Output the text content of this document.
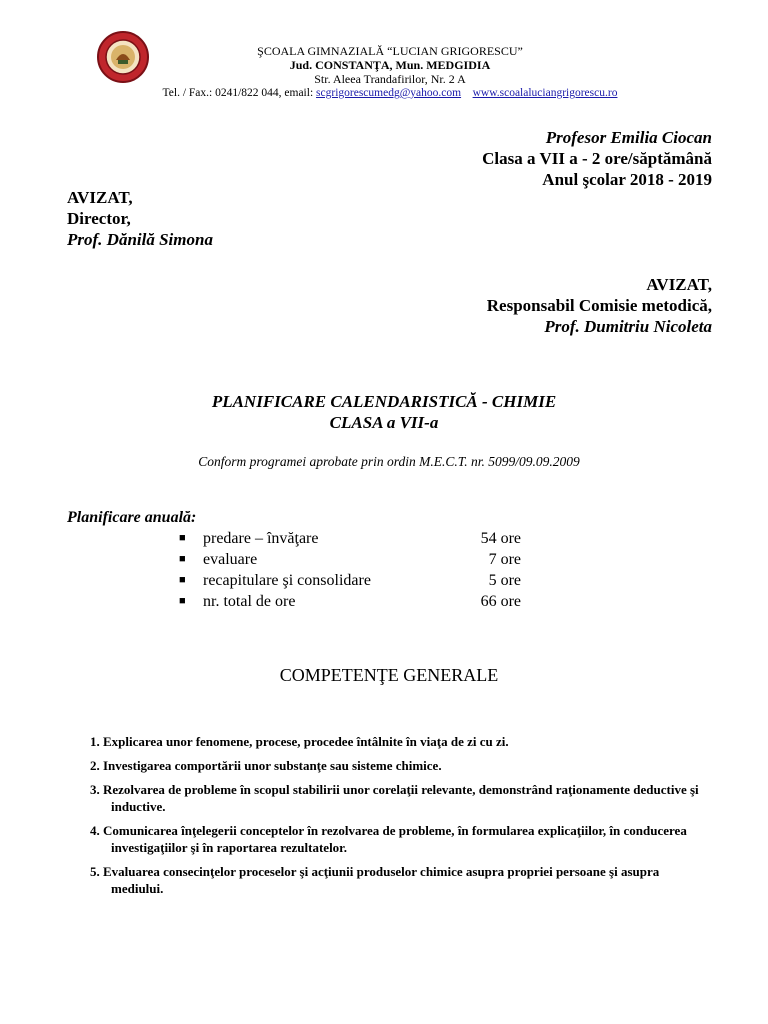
ŞCOALA GIMNAZIALĂ “LUCIAN GRIGORESCU”
Jud. CONSTANŢA, Mun. MEDGIDIA
Str. Aleea Trandafirilor, Nr. 2 A
Tel. / Fax.: 0241/822 044, email: scgrigorescumedg@yahoo.com www.scoalaluciangrigorescu.ro
Profesor Emilia Ciocan
Clasa a VII a - 2 ore/săptămână
Anul şcolar 2018 - 2019
AVIZAT,
Director,
Prof. Dănilă Simona
AVIZAT,
Responsabil Comisie metodică,
Prof. Dumitriu Nicoleta
PLANIFICARE CALENDARISTICĂ - CHIMIE
CLASA a VII-a
Conform programei aprobate prin ordin M.E.C.T. nr. 5099/09.09.2009
Planificare anuală:
■ predare – învăţare	54 ore
■ evaluare	7 ore
■ recapitulare şi consolidare	5 ore
■ nr. total de ore	66 ore
COMPETENŢE GENERALE
1. Explicarea unor fenomene, procese, procedee întâlnite în viaţa de zi cu zi.
2. Investigarea comportării unor substanţe sau sisteme chimice.
3. Rezolvarea de probleme în scopul stabilirii unor corelaţii relevante, demonstrând raţionamente deductive şi inductive.
4. Comunicarea înţelegerii conceptelor în rezolvarea de probleme, în formularea explicaţiilor, în conducerea investigaţiilor şi în raportarea rezultatelor.
5. Evaluarea consecinţelor proceselor şi acţiunii produselor chimice asupra propriei persoane şi asupra mediului.
